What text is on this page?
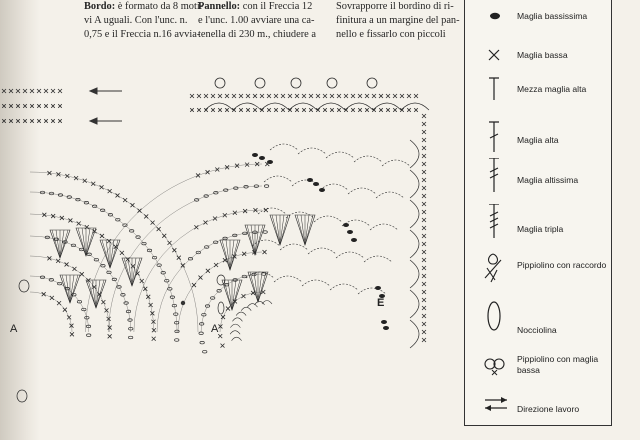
Bordo: è formato da 8 moti-
vi A uguali. Con l'unc. n.
0,75 e il Freccia n.16 avvia-
Pannello: con il Freccia 12
e l'unc. 1.00 avviare una ca-
tenella di 230 m., chiudere a
Sovrapporre il bordino di ri-
finitura a un margine del pan-
nello e fissarlo con piccoli
A	A
E
Maglia bassissima
Maglia bassa
Mezza maglia alta
Maglia alta
Maglia altissima
Maglia tripla
Pippiolino con raccordo
Nocciolina
Pippiolino con maglia bassa
Direzione lavoro
